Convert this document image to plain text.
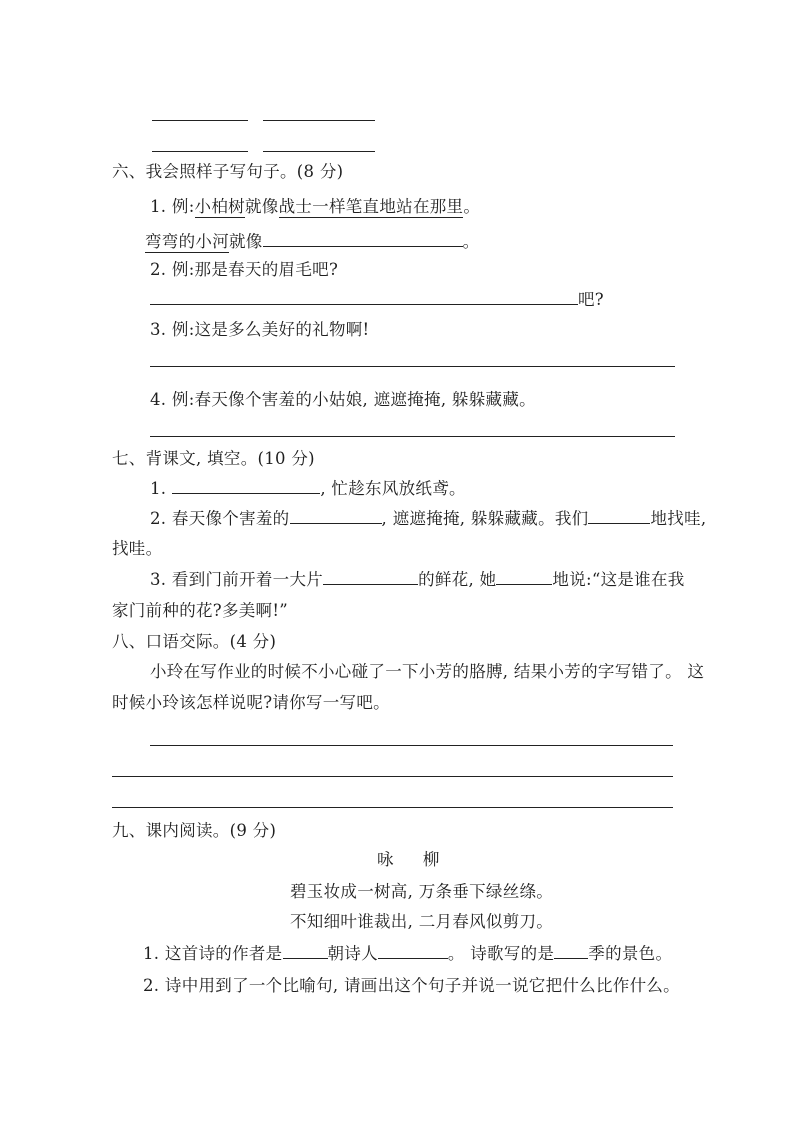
六、我会照样子写句子。(8 分)
1. 例:小柏树就像战士一样笔直地站在那里。
弯弯的小河就像	。
2. 例:那是春天的眉毛吧?
吧?
3. 例:这是多么美好的礼物啊!
4. 例:春天像个害羞的小姑娘, 遮遮掩掩, 躲躲藏藏。
七、背课文, 填空。(10 分)
1.	, 忙趁东风放纸鸢。
2. 春天像个害羞的	, 遮遮掩掩, 躲躲藏藏。我们	地找哇,
找哇。
3. 看到门前开着一大片	的鲜花, 她	地说:“这是谁在我
家门前种的花?多美啊!”
八、口语交际。(4 分)
小玲在写作业的时候不小心碰了一下小芳的胳膊, 结果小芳的字写错了。 这
时候小玲该怎样说呢?请你写一写吧。
九、课内阅读。(9 分)
咏 柳
碧玉妆成一树高, 万条垂下绿丝绦。
不知细叶谁裁出, 二月春风似剪刀。
1. 这首诗的作者是	朝诗人	。 诗歌写的是 季的景色。
2. 诗中用到了一个比喻句, 请画出这个句子并说一说它把什么比作什么。
